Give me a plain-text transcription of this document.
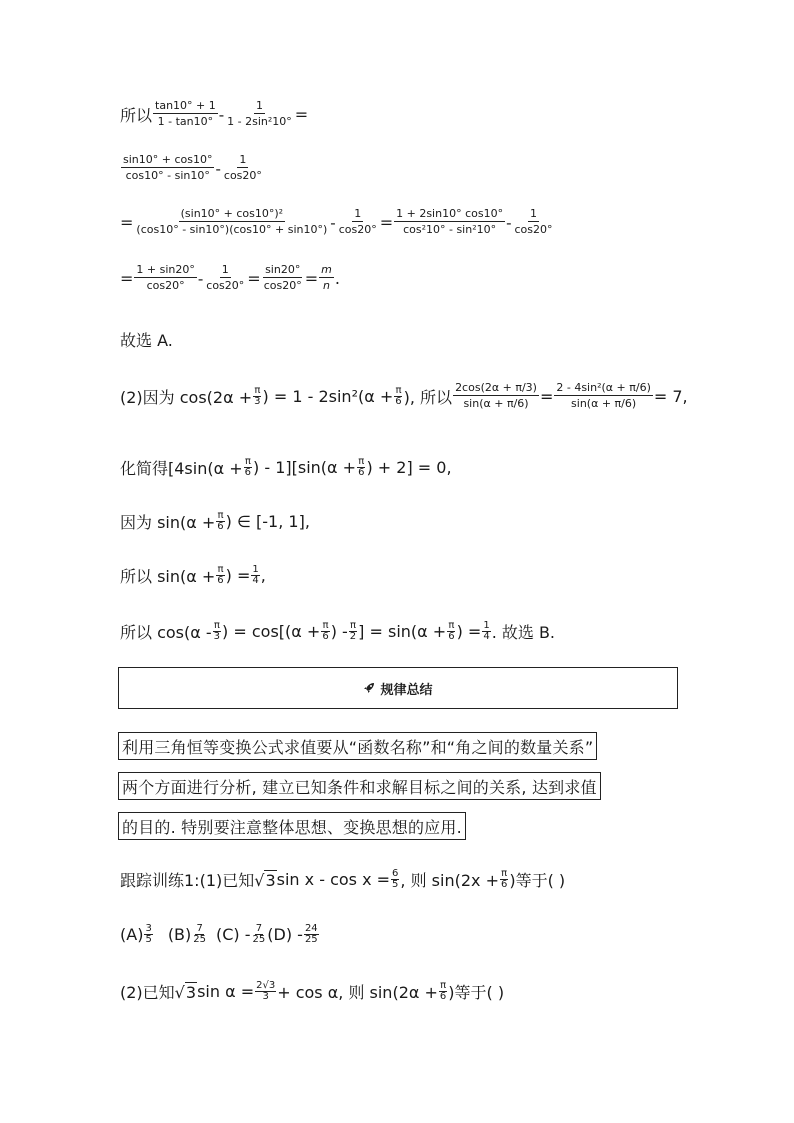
所以 $\frac{\tan 10^\circ + 1}{1 - \tan 10^\circ} - \frac{1}{\text{1 - 2sin²10°}}$ =
$\frac{\sin 10^\circ + \cos 10^\circ}{\cos 10^\circ - \sin 10^\circ} - \frac{1}{\cos 20^\circ}$
= $\frac{\text{(sin10° + cos10°)²}}{(\cos 10^\circ - \sin 10^\circ)(\cos 10^\circ + \sin 10^\circ)} - \frac{1}{\cos 20^\circ} = \frac{1 + 2\sin 10^\circ \cos 10^\circ}{\text{cos²10° - sin²10°}} - \frac{1}{\cos 20^\circ}$
= $\frac{1 + \sin 20^\circ}{\cos 20^\circ} - \frac{1}{\cos 20^\circ} = \frac{\sin 20^\circ}{\cos 20^\circ} = \frac{m}{n}$ .
故选 A.
(2)因为 $\cos(2\alpha + \frac{\pi}{3}$ ) = $1 - 2\sin^2(\alpha + \frac{\pi}{6}$ ), 所以 $\frac{2\cos(2\alpha + \pi/3)}{\sin(\alpha + \pi/6)} = \frac{\text{2 - 4sin²(α + π/6)}}{\sin(\alpha + \pi/6)} = 7$,
化简得[$4\sin(\alpha + \frac{\pi}{6}$ ) - $1][\sin(\alpha + \frac{\pi}{6}$ ) + 2] = 0,
因为 $\sin(\alpha + \frac{\pi}{6}$ ) ∈ [-1, 1],
所以 $\sin(\alpha + \frac{\pi}{6}$ ) = $\frac{1}{4}$ ,
所以 $\cos(\alpha - \frac{\pi}{3}$ ) = $\cos[(\alpha + \frac{\pi}{6}$ ) - $\frac{\pi}{2}$ ] = $\sin(\alpha + \frac{\pi}{6}$ ) = $\frac{1}{4}$ . 故选 B.
规律总结
利用三角恒等变换公式求值要从“函数名称”和“角之间的数量关系”
两个方面进行分析, 建立已知条件和求解目标之间的关系, 达到求值
的目的. 特别要注意整体思想、变换思想的应用.
跟踪训练1:(1)已知 √ 3 $\sin x - \cos x = \frac{6}{5}$ , 则 $\sin(2x + \frac{\pi}{6}$ )等于( )
$(A) \frac{3}{5} (B) \frac{7}{25} (C) - \frac{7}{25} (D) - \frac{24}{25}$
(2)已知 √ 3 $\sin \alpha = \frac{2√3}{3} + \cos \alpha$, 则 $\sin(2\alpha + \frac{\pi}{6}$ )等于( )
